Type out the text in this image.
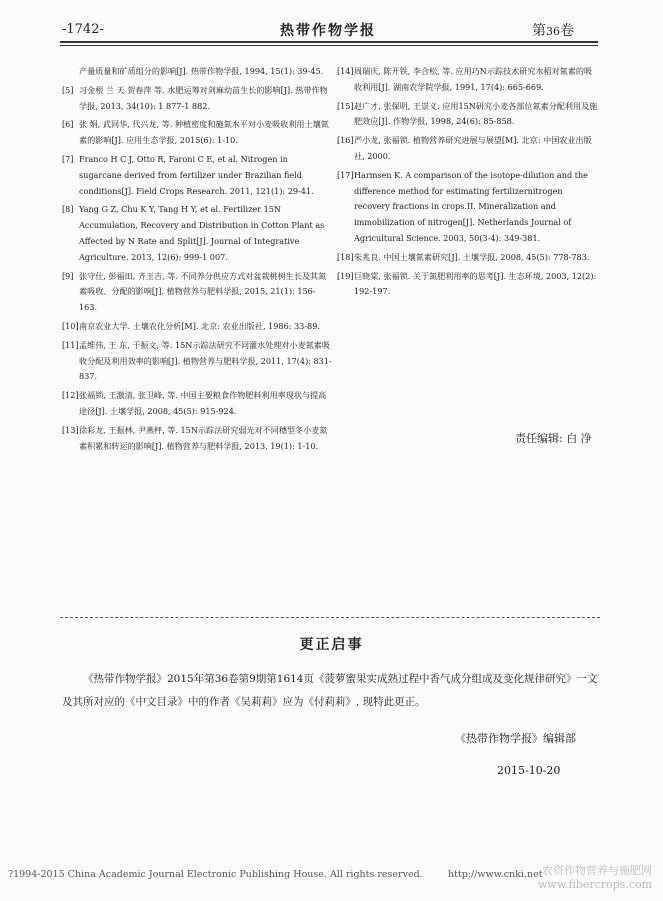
-1742-	热带作物学报	第36卷
产量质量和矿质组分的影响[J]. 热带作物学报, 1994, 15(1): 39-45.
[5] 习金根 兰 天 贺春萍 等. 水肥运筹对剑麻幼苗生长的影响[J]. 热带作物学报, 2013, 34(10): 1 877-1 882.
[6] 张 娟, 武同华, 代兴龙, 等. 种植密度和施氮水平对小麦吸收利用土壤氮素的影响[J]. 应用生态学报, 2015(6): 1-10.
[7] Franco H C J, Otto R, Faroni C E, et al. Nitrogen in sugarcane derived from fertilizer under Brazilian field conditions[J]. Field Crops Research. 2011, 121(1): 29-41.
[8] Yang G Z, Chu K Y, Tang H Y, et al. Fertilizer 15N Accumulation, Recovery and Distribution in Cotton Plant as Affected by N Rate and Split[J]. Journal of Integrative Agriculture. 2013, 12(6): 999-1 007.
[9] 张守仕, 彭福田, 齐玉吉, 等. 不同养分供应方式对盆栽桃树生长及其氮素吸收、分配的影响[J]. 植物营养与肥料学报, 2015, 21(1): 156-163.
[10] 南京农业大学. 土壤农化分析[M]. 北京: 农业出版社, 1986: 33-89.
[11] 孟维伟, 王 东, 于振文, 等. 15N示踪法研究不同灌水处理对小麦氮素吸收分配及利用效率的影响[J]. 植物营养与肥料学报, 2011, 17(4): 831-837.
[12] 张福锁, 王激清, 张卫峰, 等. 中国主要粮食作物肥料利用率现状与提高途径[J]. 土壤学报, 2008, 45(5): 915-924.
[13] 徐彩龙, 王振林, 尹燕枰, 等. 15N示踪法研究弱光对不同穗型冬小麦氮素积累和转运的影响[J]. 植物营养与肥料学报, 2013, 19(1): 1-10.
[14] 周瑞庆, 陈开铁, 李合松, 等. 应用巧N示踪技术研究水稻对氮素的吸收利用[J]. 湖南农学院学报, 1991, 17(4): 665-669.
[15] 赵广才, 张保明, 王崇义. 应用15N研究小麦各部位氮素分配利用及施肥效应[J]. 作物学报, 1998, 24(6): 85-858.
[16] 严小龙, 张福锁. 植物营养研究进展与展望[M]. 北京: 中国农业出版社, 2000.
[17] Harmsen K. A comparison of the isotope-dilution and the difference method for estimating fertilizernitrogen recovery fractions in crops.II. Mineralization and immobilization of nitrogen[J]. Netherlands Journal of Agricultural Science. 2003, 50(3-4): 349-381.
[18] 朱兆良. 中国土壤氮素研究[J]. 土壤学报, 2008, 45(5): 778-783.
[19] 巨晓棠, 张福锁. 关于氮肥利用率的思考[J]. 生态环境, 2003, 12(2): 192-197.
责任编辑: 白 净
更正启事
《热带作物学报》2015年第36卷第9期第1614页《菠萝蜜果实成熟过程中香气成分组成及变化规律研究》一文及其所对应的《中文目录》中的作者《吴莉莉》应为《付莉莉》, 现特此更正。
《热带作物学报》编辑部
2015-10-20
?1994-2015 China Academic Journal Electronic Publishing House. All rights reserved.	http://www.cnki.net 农资作物营养与施肥网
www.fibercrops.com
